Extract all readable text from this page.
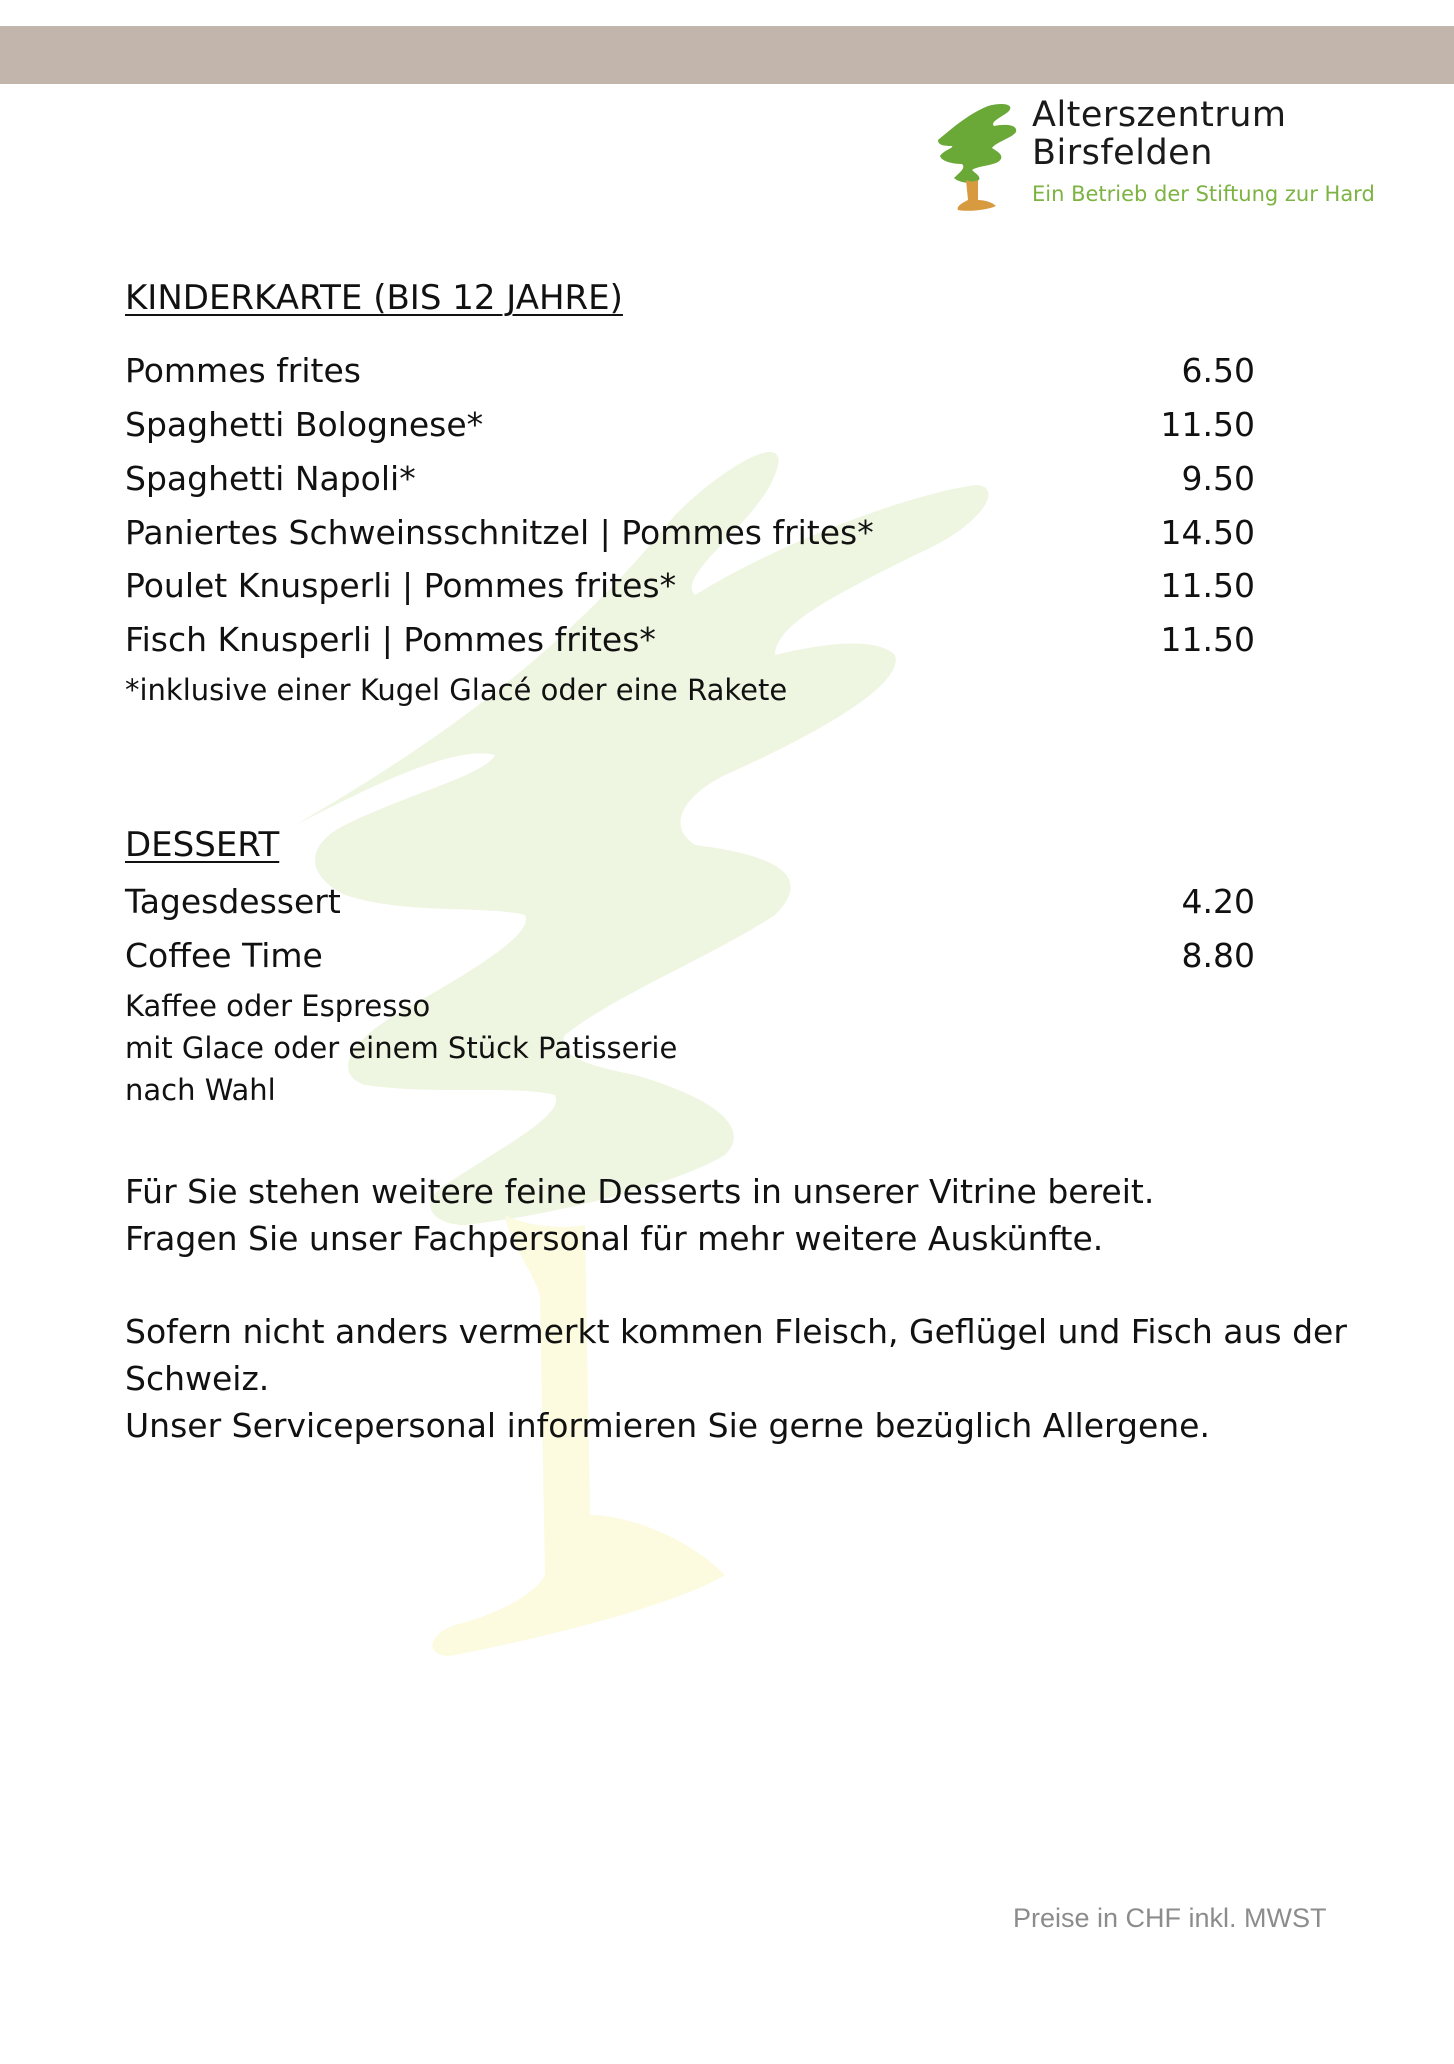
Alterszentrum
Birsfelden
Ein Betrieb der Stiftung zur Hard
KINDERKARTE (BIS 12 JAHRE)
Pommes frites	6.50
Spaghetti Bolognese*	11.50
Spaghetti Napoli*	9.50
Paniertes Schweinsschnitzel | Pommes frites*	14.50
Poulet Knusperli | Pommes frites*	11.50
Fisch Knusperli | Pommes frites*	11.50
*inklusive einer Kugel Glacé oder eine Rakete
DESSERT
Tagesdessert	4.20
Coffee Time	8.80
Kaffee oder Espresso
mit Glace oder einem Stück Patisserie
nach Wahl
Für Sie stehen weitere feine Desserts in unserer Vitrine bereit.
Fragen Sie unser Fachpersonal für mehr weitere Auskünfte.
Sofern nicht anders vermerkt kommen Fleisch, Geflügel und Fisch aus der
Schweiz.
Unser Servicepersonal informieren Sie gerne bezüglich Allergene.
Preise in CHF inkl. MWST
